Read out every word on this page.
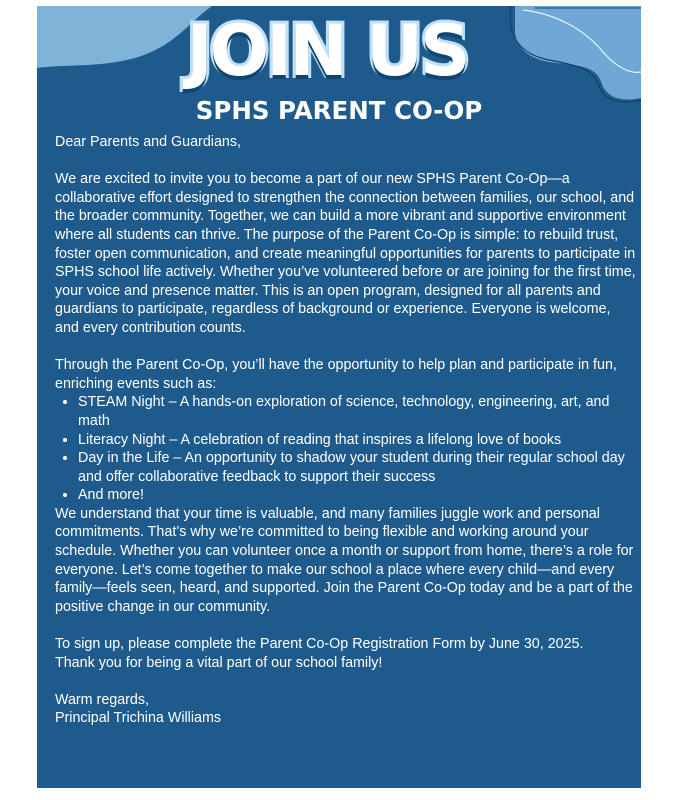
JOIN US
SPHS PARENT CO-OP

Dear Parents and Guardians,

We are excited to invite you to become a part of our new SPHS Parent Co-Op—a collaborative effort designed to strengthen the connection between families, our school, and the broader community. Together, we can build a more vibrant and supportive environment where all students can thrive. The purpose of the Parent Co-Op is simple: to rebuild trust, foster open communication, and create meaningful opportunities for parents to participate in SPHS school life actively. Whether you’ve volunteered before or are joining for the first time, your voice and presence matter. This is an open program, designed for all parents and guardians to participate, regardless of background or experience. Everyone is welcome, and every contribution counts.

Through the Parent Co-Op, you’ll have the opportunity to help plan and participate in fun, enriching events such as:

• STEAM Night – A hands-on exploration of science, technology, engineering, art, and math
• Literacy Night – A celebration of reading that inspires a lifelong love of books
• Day in the Life – An opportunity to shadow your student during their regular school day and offer collaborative feedback to support their success
• And more!

We understand that your time is valuable, and many families juggle work and personal commitments. That’s why we’re committed to being flexible and working around your schedule. Whether you can volunteer once a month or support from home, there’s a role for everyone. Let’s come together to make our school a place where every child—and every family—feels seen, heard, and supported. Join the Parent Co-Op today and be a part of the positive change in our community.

To sign up, please complete the Parent Co-Op Registration Form by June 30, 2025.

Thank you for being a vital part of our school family!

Warm regards,

Principal Trichina Williams
